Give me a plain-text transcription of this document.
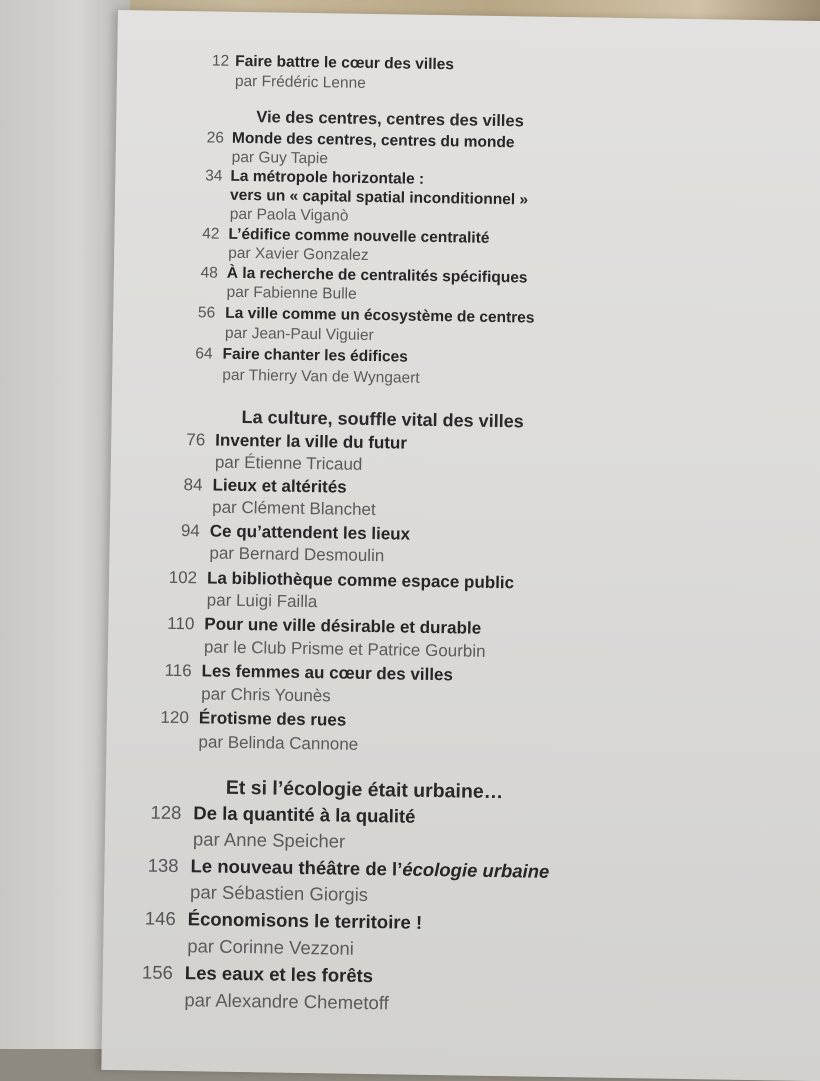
12 Faire battre le cœur des villes
par Frédéric Lenne
Vie des centres, centres des villes
26 Monde des centres, centres du monde
par Guy Tapie
34 La métropole horizontale :
vers un « capital spatial inconditionnel »
par Paola Viganò
42 L’édifice comme nouvelle centralité
par Xavier Gonzalez
48 À la recherche de centralités spécifiques
par Fabienne Bulle
56 La ville comme un écosystème de centres
par Jean-Paul Viguier
64 Faire chanter les édifices
par Thierry Van de Wyngaert
La culture, souffle vital des villes
76 Inventer la ville du futur
par Étienne Tricaud
84 Lieux et altérités
par Clément Blanchet
94 Ce qu’attendent les lieux
par Bernard Desmoulin
102 La bibliothèque comme espace public
par Luigi Failla
110 Pour une ville désirable et durable
par le Club Prisme et Patrice Gourbin
116 Les femmes au cœur des villes
par Chris Younès
120 Érotisme des rues
par Belinda Cannone
Et si l’écologie était urbaine…
128 De la quantité à la qualité
par Anne Speicher
138 Le nouveau théâtre de l’écologie urbaine
par Sébastien Giorgis
146 Économisons le territoire !
par Corinne Vezzoni
156 Les eaux et les forêts
par Alexandre Chemetoff
